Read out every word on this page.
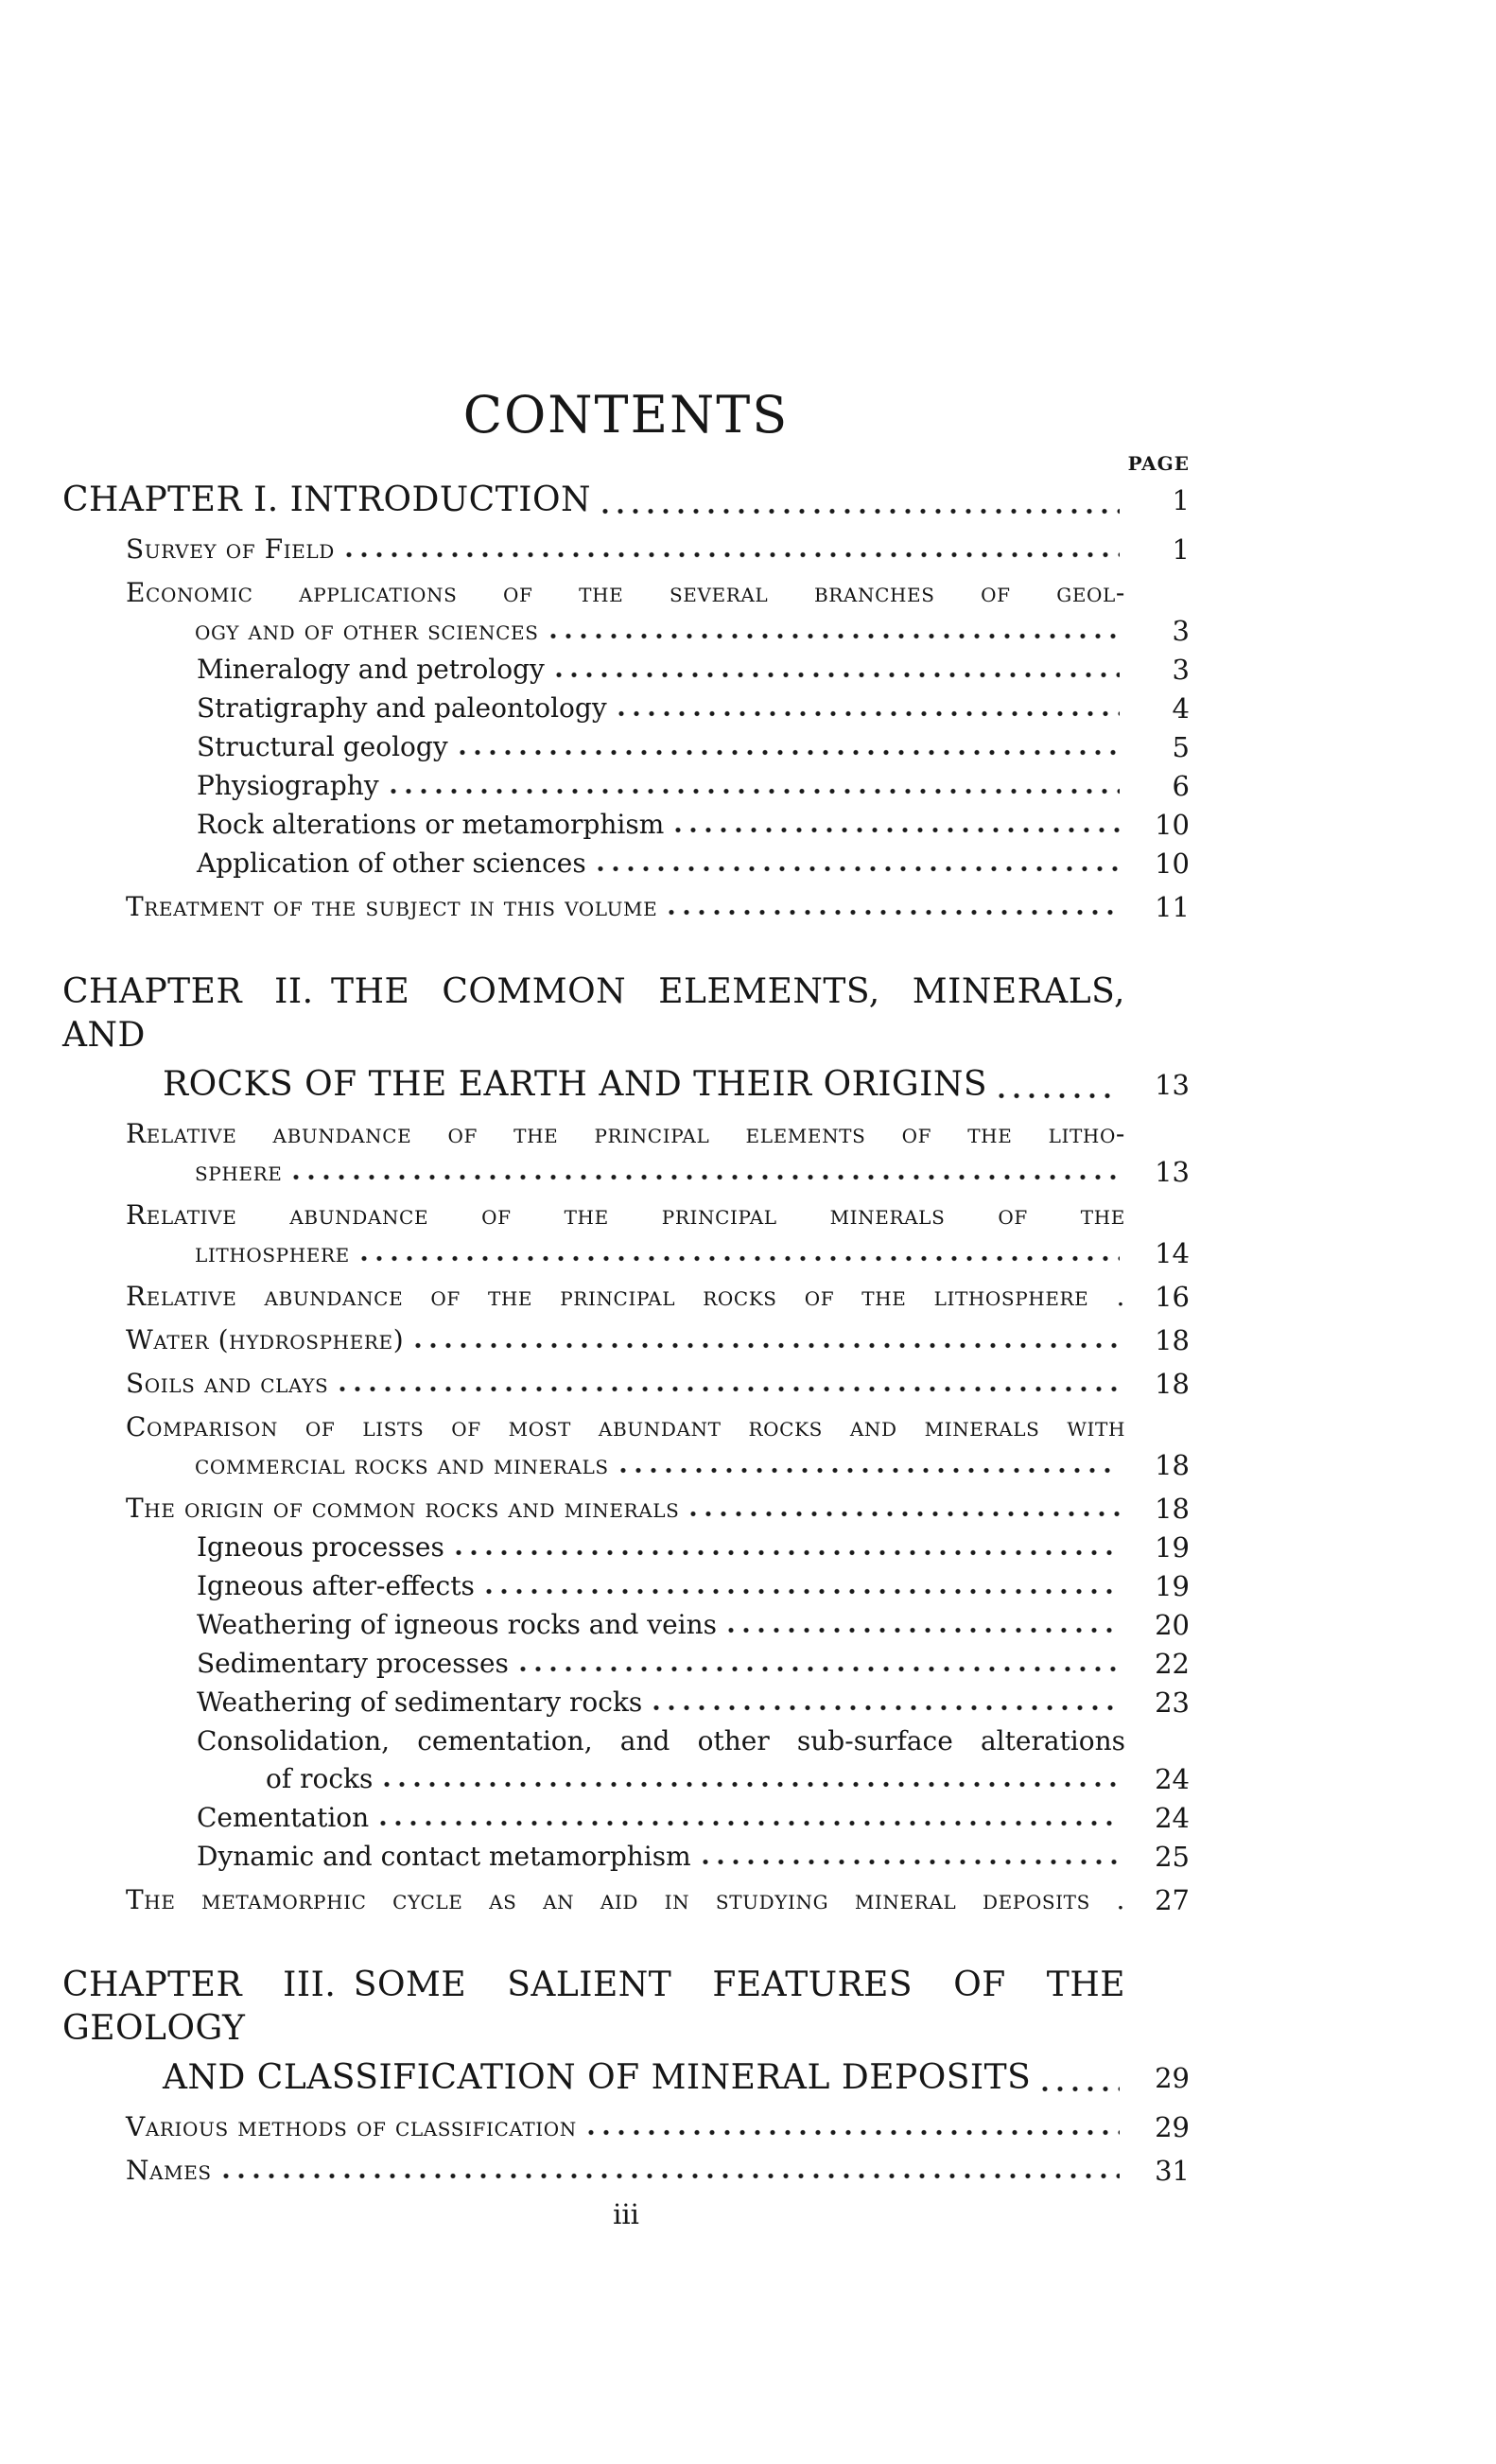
CONTENTS
PAGE
CHAPTER I. INTRODUCTION	1
Survey of Field	1
Economic applications of the several branches of geol-
ogy and of other sciences	3
Mineralogy and petrology	3
Stratigraphy and paleontology	4
Structural geology	5
Physiography	6
Rock alterations or metamorphism	10
Application of other sciences	10
Treatment of the subject in this volume	11
CHAPTER II. THE COMMON ELEMENTS, MINERALS, AND
ROCKS OF THE EARTH AND THEIR ORIGINS	13
Relative abundance of the principal elements of the litho-
sphere	13
Relative abundance of the principal minerals of the
lithosphere	14
Relative abundance of the principal rocks of the lithosphere .	16
Water (hydrosphere)	18
Soils and clays	18
Comparison of lists of most abundant rocks and minerals with
commercial rocks and minerals	18
The origin of common rocks and minerals	18
Igneous processes	19
Igneous after-effects	19
Weathering of igneous rocks and veins	20
Sedimentary processes	22
Weathering of sedimentary rocks	23
Consolidation, cementation, and other sub-surface alterations
of rocks	24
Cementation	24
Dynamic and contact metamorphism	25
The metamorphic cycle as an aid in studying mineral deposits .	27
CHAPTER III. SOME SALIENT FEATURES OF THE GEOLOGY
AND CLASSIFICATION OF MINERAL DEPOSITS	29
Various methods of classification	29
Names	31
iii
